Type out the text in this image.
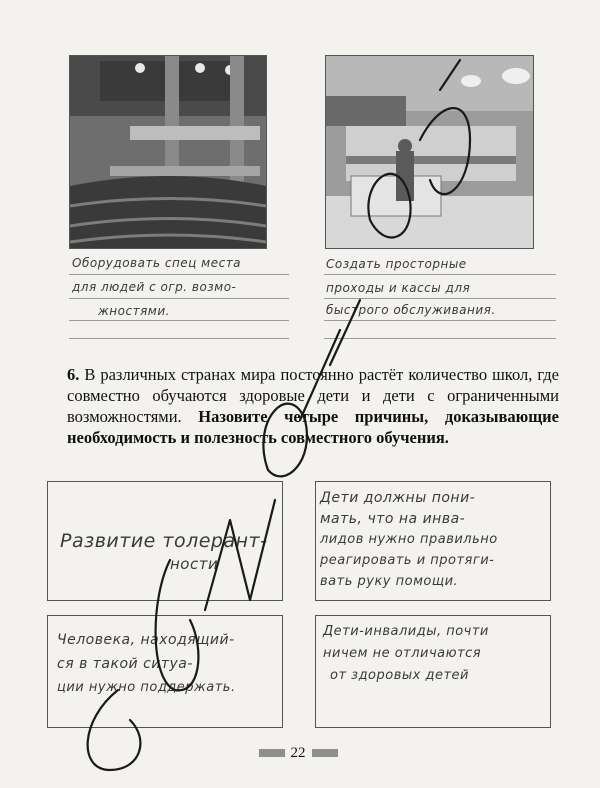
Оборудовать спец места
для людей с огр. возмо-
жностями.
Создать просторные
проходы и кассы для
быстрого обслуживания.
6. В различных странах мира постоянно растёт количество школ, где совместно обучаются здоровые дети и дети с ограниченными возможностями. Назовите четыре причины, доказывающие необходимость и полезность совместного обучения.
Развитие толерант-
ности
Дети должны пони-
мать, что на инва-
лидов нужно правильно
реагировать и протяги-
вать руку помощи.
Человека, находящий-
ся в такой ситуа-
ции нужно поддержать.
Дети-инвалиды, почти
ничем не отличаются
от здоровых детей
22
